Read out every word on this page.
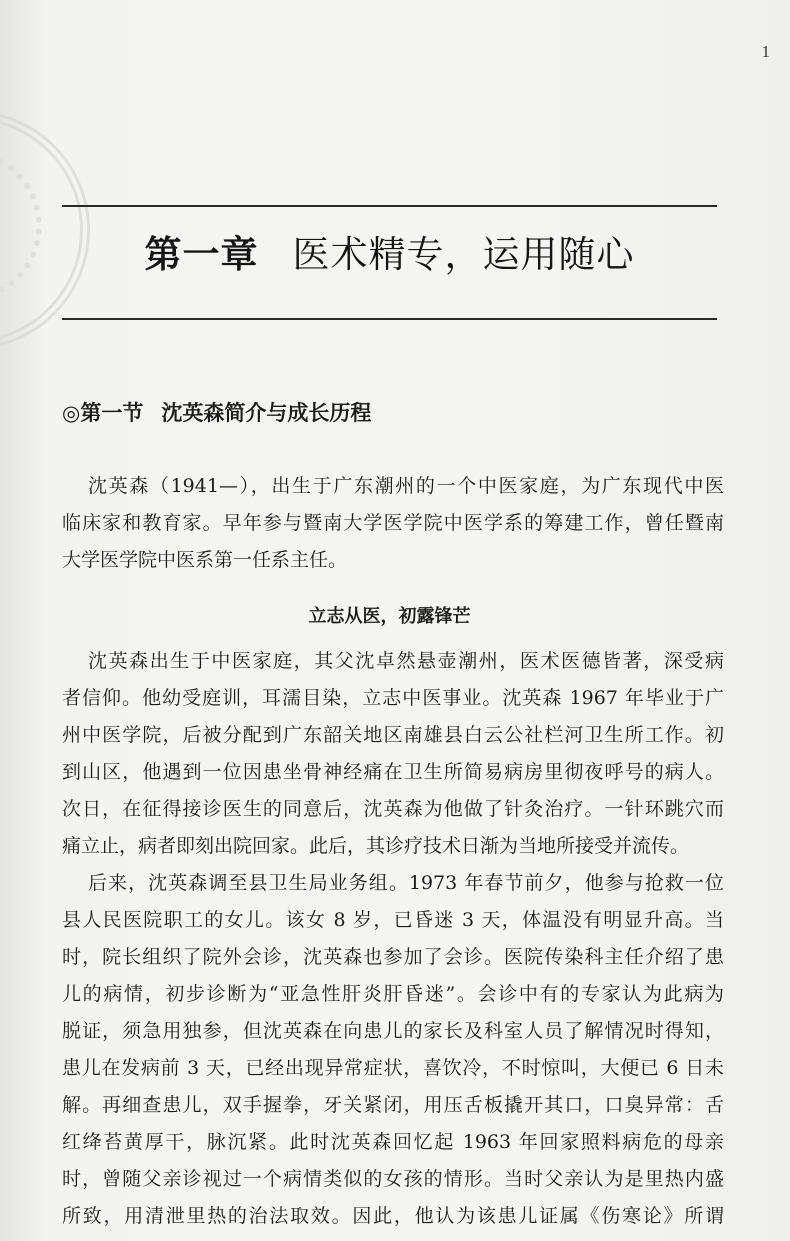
1
第一章 医术精专，运用随心
◎第一节 沈英森简介与成长历程
沈英森（1941—），出生于广东潮州的一个中医家庭，为广东现代中医
临床家和教育家。早年参与暨南大学医学院中医学系的筹建工作，曾任暨南
大学医学院中医系第一任系主任。
立志从医，初露锋芒
沈英森出生于中医家庭，其父沈卓然悬壶潮州，医术医德皆著，深受病
者信仰。他幼受庭训，耳濡目染，立志中医事业。沈英森 1967 年毕业于广
州中医学院，后被分配到广东韶关地区南雄县白云公社栏河卫生所工作。初
到山区，他遇到一位因患坐骨神经痛在卫生所简易病房里彻夜呼号的病人。
次日，在征得接诊医生的同意后，沈英森为他做了针灸治疗。一针环跳穴而
痛立止，病者即刻出院回家。此后，其诊疗技术日渐为当地所接受并流传。
后来，沈英森调至县卫生局业务组。1973 年春节前夕，他参与抢救一位
县人民医院职工的女儿。该女 8 岁，已昏迷 3 天，体温没有明显升高。当
时，院长组织了院外会诊，沈英森也参加了会诊。医院传染科主任介绍了患
儿的病情，初步诊断为“亚急性肝炎肝昏迷”。会诊中有的专家认为此病为
脱证，须急用独参，但沈英森在向患儿的家长及科室人员了解情况时得知，
患儿在发病前 3 天，已经出现异常症状，喜饮冷，不时惊叫，大便已 6 日未
解。再细查患儿，双手握拳，牙关紧闭，用压舌板撬开其口，口臭异常：舌
红绛苔黄厚干，脉沉紧。此时沈英森回忆起 1963 年回家照料病危的母亲
时，曾随父亲诊视过一个病情类似的女孩的情形。当时父亲认为是里热内盛
所致，用清泄里热的治法取效。因此，他认为该患儿证属《伤寒论》所谓
